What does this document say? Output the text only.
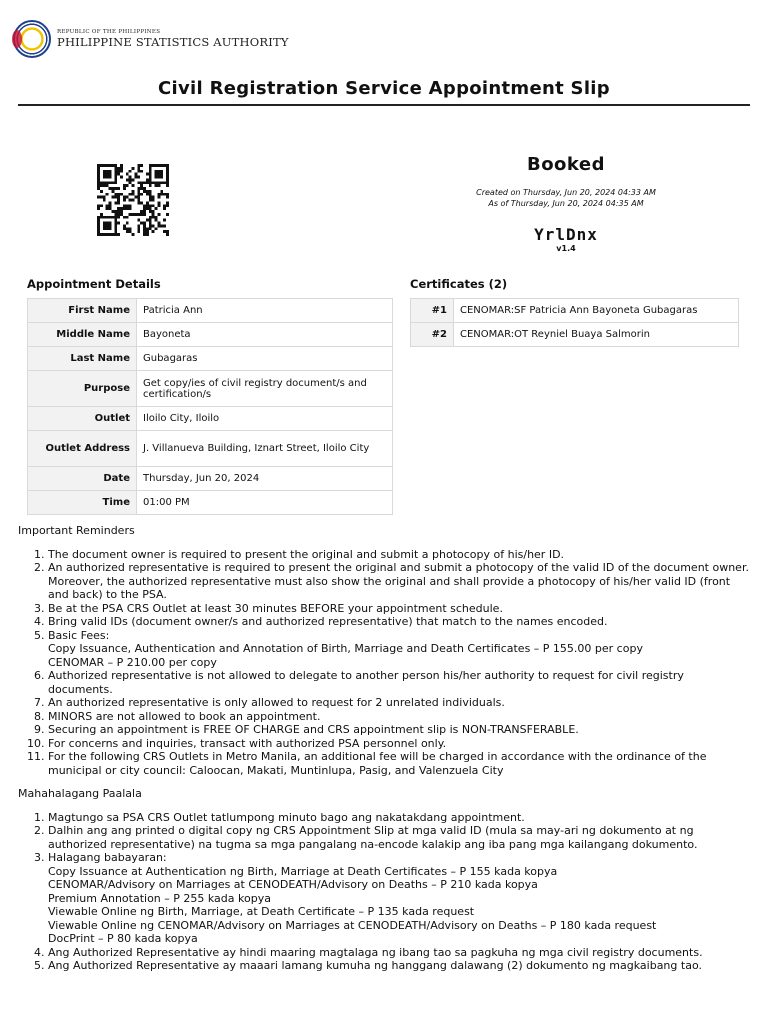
REPUBLIC OF THE PHILIPPINES
PHILIPPINE STATISTICS AUTHORITY
Civil Registration Service Appointment Slip
Booked
Created on Thursday, Jun 20, 2024 04:33 AM
As of Thursday, Jun 20, 2024 04:35 AM
YrlDnx
v1.4
Appointment Details	Certificates (2)
First Name	Patricia Ann
Middle Name	Bayoneta
Last Name	Gubagaras
Purpose	Get copy/ies of civil registry document/s and certification/s
Outlet	Iloilo City, Iloilo
Outlet Address	J. Villanueva Building, Iznart Street, Iloilo City
Date	Thursday, Jun 20, 2024
Time	01:00 PM
#1	CENOMAR:SF Patricia Ann Bayoneta Gubagaras
#2	CENOMAR:OT Reyniel Buaya Salmorin
Important Reminders
1. The document owner is required to present the original and submit a photocopy of his/her ID.
2. An authorized representative is required to present the original and submit a photocopy of the valid ID of the document owner. Moreover, the authorized representative must also show the original and shall provide a photocopy of his/her valid ID (front and back) to the PSA.
3. Be at the PSA CRS Outlet at least 30 minutes BEFORE your appointment schedule.
4. Bring valid IDs (document owner/s and authorized representative) that match to the names encoded.
5. Basic Fees:
Copy Issuance, Authentication and Annotation of Birth, Marriage and Death Certificates – P 155.00 per copy
CENOMAR – P 210.00 per copy
6. Authorized representative is not allowed to delegate to another person his/her authority to request for civil registry documents.
7. An authorized representative is only allowed to request for 2 unrelated individuals.
8. MINORS are not allowed to book an appointment.
9. Securing an appointment is FREE OF CHARGE and CRS appointment slip is NON-TRANSFERABLE.
10. For concerns and inquiries, transact with authorized PSA personnel only.
11. For the following CRS Outlets in Metro Manila, an additional fee will be charged in accordance with the ordinance of the municipal or city council: Caloocan, Makati, Muntinlupa, Pasig, and Valenzuela City
Mahahalagang Paalala
1. Magtungo sa PSA CRS Outlet tatlumpong minuto bago ang nakatakdang appointment.
2. Dalhin ang ang printed o digital copy ng CRS Appointment Slip at mga valid ID (mula sa may-ari ng dokumento at ng authorized representative) na tugma sa mga pangalang na-encode kalakip ang iba pang mga kailangang dokumento.
3. Halagang babayaran:
Copy Issuance at Authentication ng Birth, Marriage at Death Certificates – P 155 kada kopya
CENOMAR/Advisory on Marriages at CENODEATH/Advisory on Deaths – P 210 kada kopya
Premium Annotation – P 255 kada kopya
Viewable Online ng Birth, Marriage, at Death Certificate – P 135 kada request
Viewable Online ng CENOMAR/Advisory on Marriages at CENODEATH/Advisory on Deaths – P 180 kada request
DocPrint – P 80 kada kopya
4. Ang Authorized Representative ay hindi maaring magtalaga ng ibang tao sa pagkuha ng mga civil registry documents.
5. Ang Authorized Representative ay maaari lamang kumuha ng hanggang dalawang (2) dokumento ng magkaibang tao.
